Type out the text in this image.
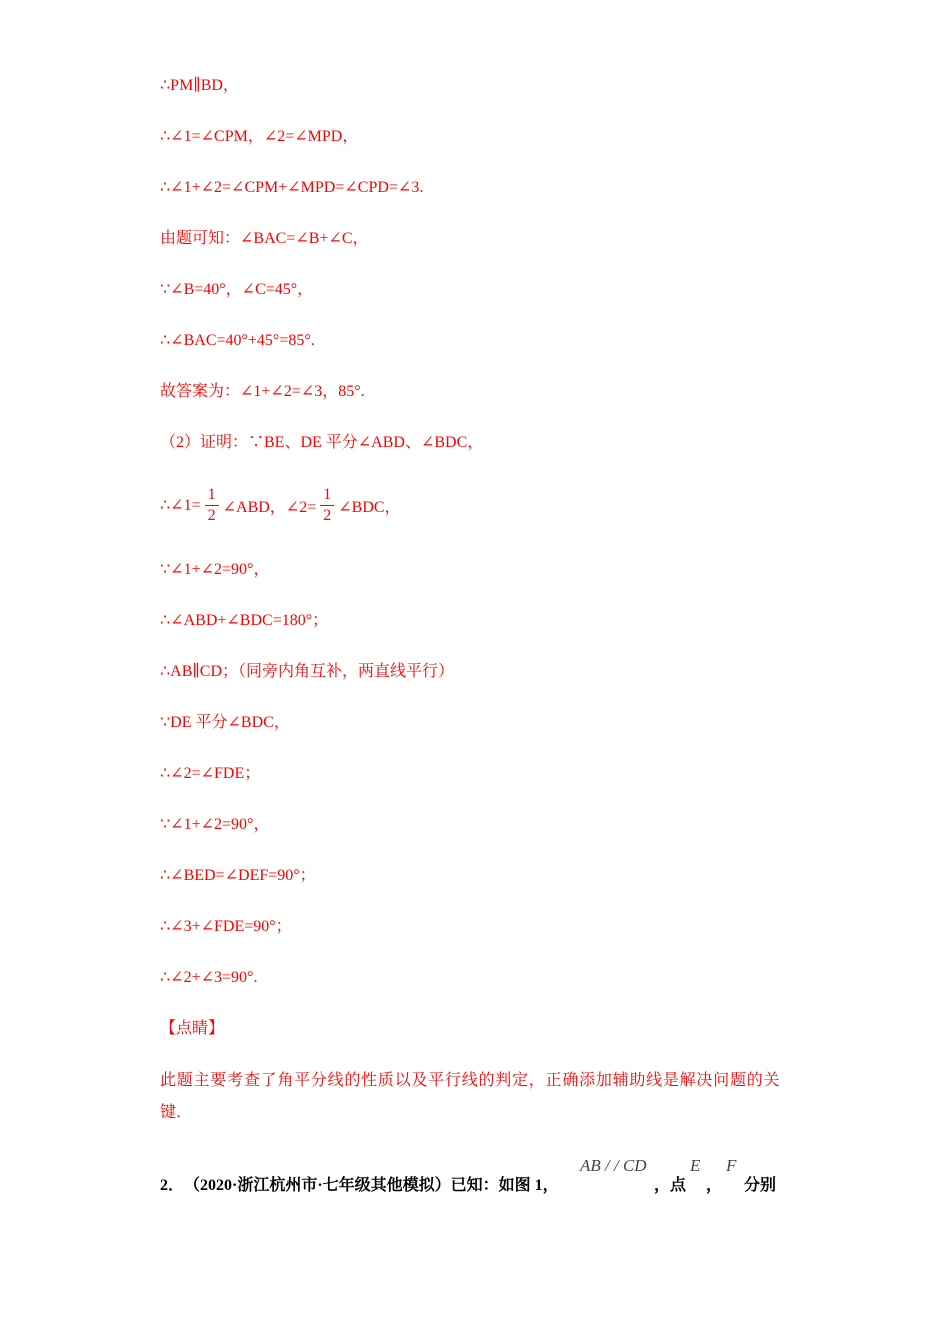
∴PM∥BD，
∴∠1=∠CPM，∠2=∠MPD，
∴∠1+∠2=∠CPM+∠MPD=∠CPD=∠3.
由题可知：∠BAC=∠B+∠C，
∵∠B=40°，∠C=45°，
∴∠BAC=40°+45°=85°.
故答案为：∠1+∠2=∠3，85°.
（2）证明：∵BE、DE 平分∠ABD、∠BDC，
∴∠1= $\frac{1}{2}$ ∠ABD，∠2= $\frac{1}{2}$ ∠BDC，
∵∠1+∠2=90°，
∴∠ABD+∠BDC=180°；
∴AB∥CD；（同旁内角互补，两直线平行）
∵DE 平分∠BDC，
∴∠2=∠FDE；
∵∠1+∠2=90°，
∴∠BED=∠DEF=90°；
∴∠3+∠FDE=90°；
∴∠2+∠3=90°.
【点睛】
此题主要考查了角平分线的性质以及平行线的判定，正确添加辅助线是解决问题的关键.
2． （2020·浙江杭州市·七年级其他模拟）已知：如图 1，
AB / / CD
，点
E
，
F
分别
